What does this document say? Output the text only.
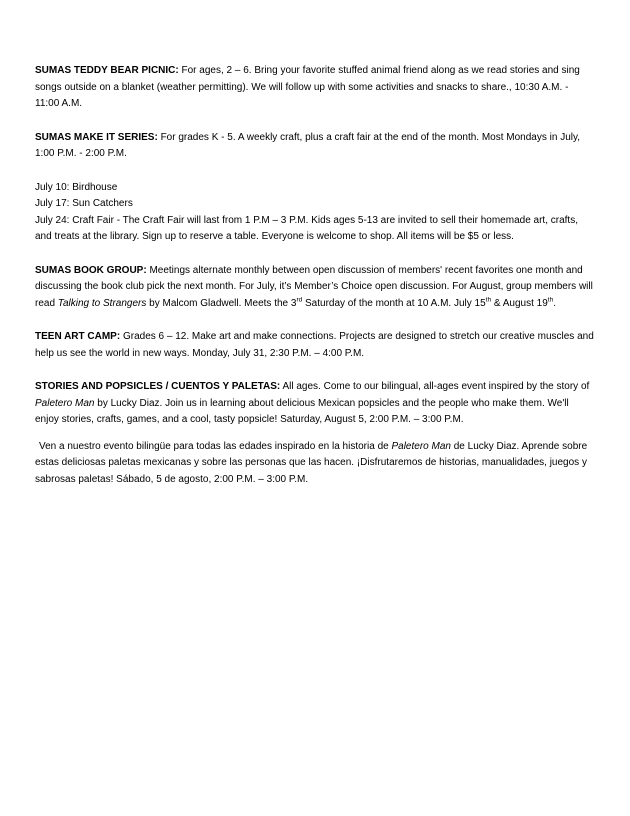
SUMAS TEDDY BEAR PICNIC: For ages, 2 – 6. Bring your favorite stuffed animal friend along as we read stories and sing songs outside on a blanket (weather permitting). We will follow up with some activities and snacks to share., 10:30 A.M. - 11:00 A.M.

SUMAS MAKE IT SERIES: For grades K - 5. A weekly craft, plus a craft fair at the end of the month. Most Mondays in July, 1:00 P.M. - 2:00 P.M.

July 10: Birdhouse

July 17: Sun Catchers

July 24: Craft Fair - The Craft Fair will last from 1 P.M – 3 P.M. Kids ages 5-13 are invited to sell their homemade art, crafts, and treats at the library. Sign up to reserve a table. Everyone is welcome to shop. All items will be $5 or less.

SUMAS BOOK GROUP: Meetings alternate monthly between open discussion of members' recent favorites one month and discussing the book club pick the next month. For July, it’s Member’s Choice open discussion. For August, group members will read Talking to Strangers by Malcom Gladwell. Meets the 3rd Saturday of the month at 10 A.M. July 15th & August 19th.

TEEN ART CAMP: Grades 6 – 12. Make art and make connections. Projects are designed to stretch our creative muscles and help us see the world in new ways. Monday, July 31, 2:30 P.M. – 4:00 P.M.

STORIES AND POPSICLES / CUENTOS Y PALETAS: All ages. Come to our bilingual, all-ages event inspired by the story of Paletero Man by Lucky Diaz. Join us in learning about delicious Mexican popsicles and the people who make them. We'll enjoy stories, crafts, games, and a cool, tasty popsicle! Saturday, August 5, 2:00 P.M. – 3:00 P.M.

Ven a nuestro evento bilingüe para todas las edades inspirado en la historia de Paletero Man de Lucky Diaz. Aprende sobre estas deliciosas paletas mexicanas y sobre las personas que las hacen. ¡Disfrutaremos de historias, manualidades, juegos y sabrosas paletas! Sábado, 5 de agosto, 2:00 P.M. – 3:00 P.M.
